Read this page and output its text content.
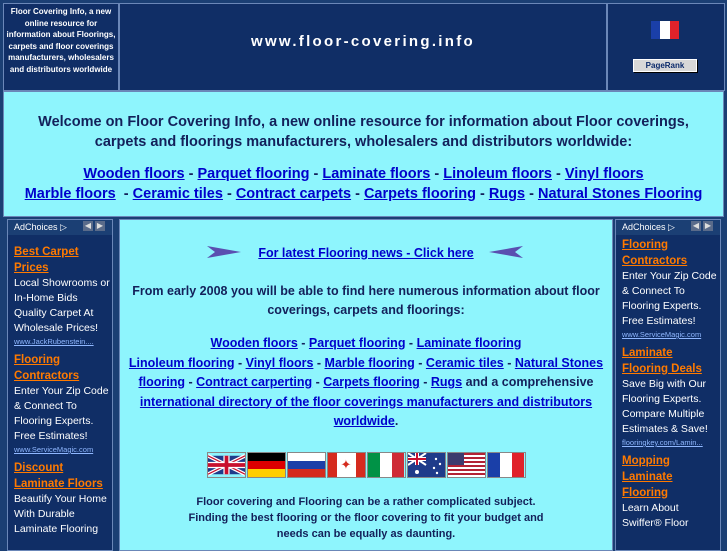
Floor Covering Info, a new
online resource for
information about Floorings,
carpets and floor coverings
manufacturers, wholesalers
and distributors worldwide
www.floor-covering.info
PageRank
Welcome on Floor Covering Info, a new online resource for information about Floor coverings, carpets and floorings manufacturers, wholesalers and distributors worldwide:
Wooden floors - Parquet flooring - Laminate floors - Linoleum floors - Vinyl floors
Marble floors  - Ceramic tiles - Contract carpets - Carpets flooring - Rugs - Natural Stones Flooring
AdChoices ▷ ◀ ▶
Best Carpet Prices
Local Showrooms or In-Home Bids Quality Carpet At Wholesale Prices!
www.JackRubenstein....
Flooring Contractors
Enter Your Zip Code & Connect To Flooring Experts. Free Estimates!
www.ServiceMagic.com
Discount Laminate Floors
Beautify Your Home With Durable Laminate Flooring
AdChoices ▷ ◀ ▶
Flooring Contractors
Enter Your Zip Code & Connect To Flooring Experts. Free Estimates!
www.ServiceMagic.com
Laminate Flooring Deals
Save Big with Our Flooring Experts. Compare Multiple Estimates & Save!
flooringkey.com/Lamin...
Mopping Laminate Flooring
Learn About Swiffer® Floor
For latest Flooring news - Click here
From early 2008 you will be able to find here numerous information about floor coverings, carpets and floorings:
Wooden floors - Parquet flooring - Laminate flooring
Linoleum flooring - Vinyl floors - Marble flooring - Ceramic tiles - Natural Stones flooring - Contract carperting - Carpets flooring - Rugs and a comprehensive international directory of the floor coverings manufacturers and distributors worldwide.
✦
Floor covering and Flooring can be a rather complicated subject.
Finding the best flooring or the floor covering to fit your budget and
needs can be equally as daunting.
